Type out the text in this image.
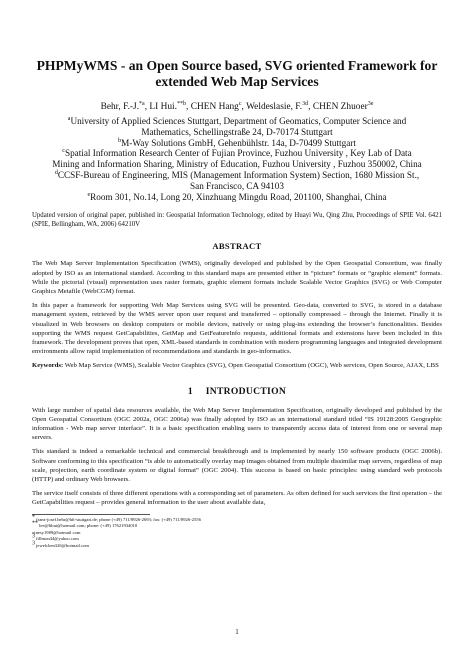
PHPMyWMS - an Open Source based, SVG oriented Framework for extended Web Map Services
Behr, F.-J.$^{*a}$, LI Hui.$^{**b}$, CHEN Hang$^c$, Weldeslasie, F.$^{3d}$, CHEN Zhuoer$^{3e}$
$^a$University of Applied Sciences Stuttgart, Department of Geomatics, Computer Science and
Mathematics, Schellingstraße 24, D-70174 Stuttgart
$^b$M-Way Solutions GmbH, Gehenbühlstr. 14a, D-70499 Stuttgart
$^c$Spatial Information Research Center of Fujian Province, Fuzhou University , Key Lab of Data
Mining and Information Sharing, Ministry of Education, Fuzhou University , Fuzhou 350002, China
$^d$CCSF-Bureau of Engineering, MIS (Management Information System) Section, 1680 Mission St.,
San Francisco, CA 94103
$^e$Room 301, No.14, Long 20, Xinzhuang Mingdu Road, 201100, Shanghai, China
Updated version of original paper, published in: Geospatial Information Technology, edited by Huayi Wu, Qing Zhu, Proceedings of SPIE Vol. 6421 (SPIE, Bellingham, WA, 2006) 64210V
ABSTRACT

The Web Map Server Implementation Specification (WMS), originally developed and published by the Open Geospatial Consortium, was finally adopted by ISO as an international standard. According to this standard maps are presented either in “picture” formats or “graphic element” formats. While the pictorial (visual) representation uses raster formats, graphic element formats include Scalable Vector Graphics (SVG) or Web Computer Graphics Metafile (WebCGM) format.

In this paper a framework for supporting Web Map Services using SVG will be presented. Geo-data, converted to SVG, is stored in a database management system, retrieved by the WMS server upon user request and transferred – optionally compressed – through the Internet. Finally it is visualized in Web browsers on desktop computers or mobile devices, natively or using plug-ins extending the browser’s functionalities. Besides supporting the WMS request GetCapabilities, GetMap and GetFeatureInfo requests, additional formats and extensions have been included in this framework. The development proves that open, XML-based standards in combination with modern programming languages and integrated development environments allow rapid implementation of recommendations and standards in geo-informatics.

Keywords: Web Map Service (WMS), Scalable Vector Graphics (SVG), Open Geospatial Consortium (OGC), Web services, Open Source, AJAX, LBS

1 INTRODUCTION

With large number of spatial data resources available, the Web Map Server Implementation Specification, originally developed and published by the Open Geospatial Consortium (OGC 2002a, OGC 2006a) was finally adopted by ISO as an international standard titled “IS 19128:2005 Geographic information - Web map server interface”. It is a basic specification enabling users to transparently access data of interest from one or several map servers.

This standard is indeed a remarkable technical and commercial breakthrough and is implemented by nearly 150 software products (OGC 2006b). Software conforming to this specification “is able to automatically overlay map images obtained from multiple dissimilar map servers, regardless of map scale, projection, earth coordinate system or digital format” (OGC 2004). This success is based on basic principles: using standard web protocols (HTTP) and ordinary Web browsers.

The service itself consists of three different operations with a corresponding set of parameters. As often defined for such services the first operation – the GetCapabilities request – provides general information to the user about available data,

* franz-josef.behr@hft-stuttgart.de; phone (+49) 711/8926-2693; fax: (+49) 711/8926-2556
** lee@lihui@hotmail.com; phone: (+49) 17621934010
xinesy1989@hotmail.com
$^3$ fillmon44@yahoo.com
$^3$ jewelchen326@hotmail.com
1
